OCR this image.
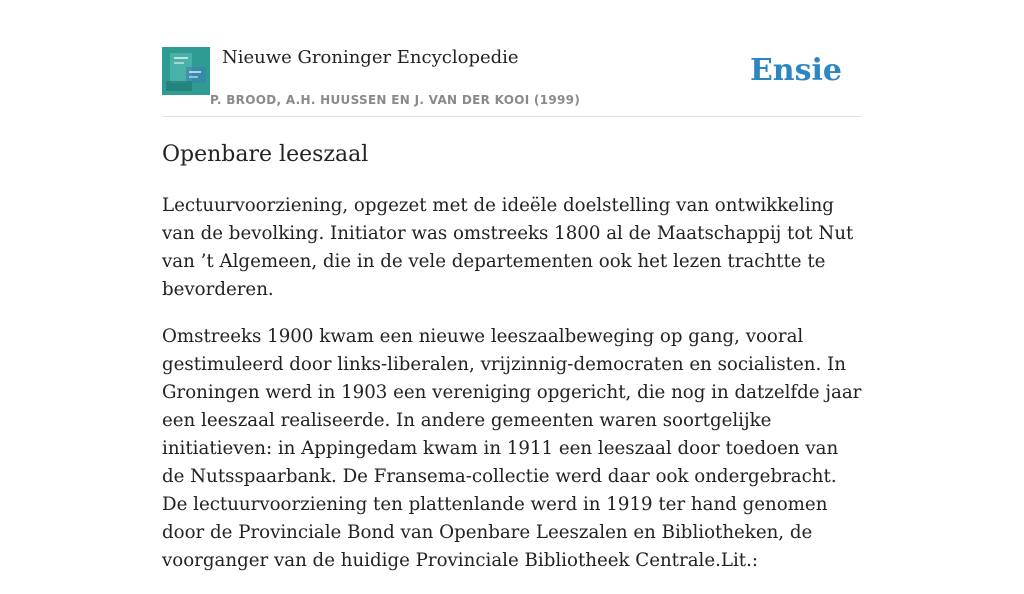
Nieuwe Groninger Encyclopedie
P. BROOD, A.H. HUUSSEN EN J. VAN DER KOOI (1999)
Ensie
Openbare leeszaal

Lectuurvoorziening, opgezet met de ideële doelstelling van ontwikkeling van de bevolking. Initiator was omstreeks 1800 al de Maatschappij tot Nut van ’t Algemeen, die in de vele departementen ook het lezen trachtte te bevorderen.

Omstreeks 1900 kwam een nieuwe leeszaalbeweging op gang, vooral gestimuleerd door links-liberalen, vrijzinnig-democraten en socialisten. In Groningen werd in 1903 een vereniging opgericht, die nog in datzelfde jaar een leeszaal realiseerde. In andere gemeenten waren soortgelijke initiatieven: in Appingedam kwam in 1911 een leeszaal door toedoen van de Nutsspaarbank. De Fransema-collectie werd daar ook ondergebracht. De lectuurvoorziening ten plattenlande werd in 1919 ter hand genomen door de Provinciale Bond van Openbare Leeszalen en Bibliotheken, de voorganger van de huidige Provinciale Bibliotheek Centrale.Lit.:
